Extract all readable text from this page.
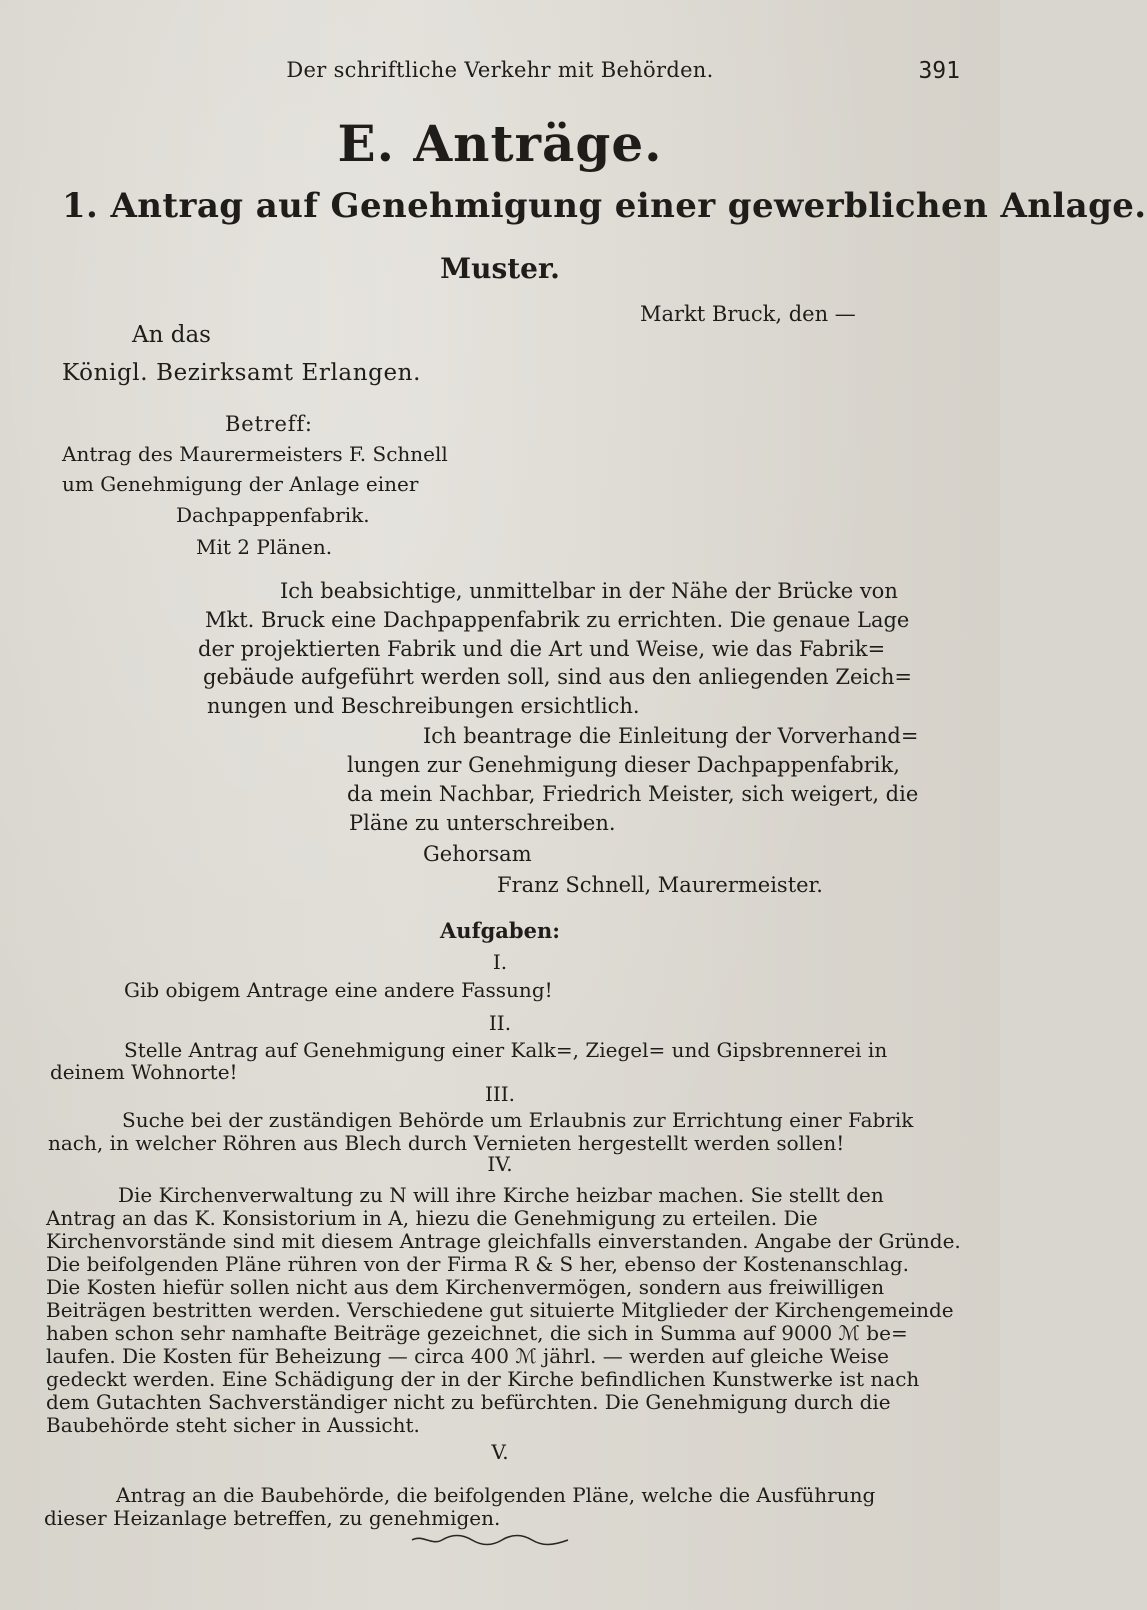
Der schriftliche Verkehr mit Behörden.	391
E. Anträge.
1. Antrag auf Genehmigung einer gewerblichen Anlage.
Muster.
Markt Bruck, den —
An das
Königl. Bezirksamt Erlangen.
Betreff:
Antrag des Maurermeisters F. Schnell
um Genehmigung der Anlage einer
Dachpappenfabrik.
Mit 2 Plänen.
Ich beabsichtige, unmittelbar in der Nähe der Brücke von
Mkt. Bruck eine Dachpappenfabrik zu errichten. Die genaue Lage
der projektierten Fabrik und die Art und Weise, wie das Fabrik=
gebäude aufgeführt werden soll, sind aus den anliegenden Zeich=
nungen und Beschreibungen ersichtlich.
Ich beantrage die Einleitung der Vorverhand=
lungen zur Genehmigung dieser Dachpappenfabrik,
da mein Nachbar, Friedrich Meister, sich weigert, die
Pläne zu unterschreiben.
Gehorsam
Franz Schnell, Maurermeister.
Aufgaben:
I.
Gib obigem Antrage eine andere Fassung!
II.
Stelle Antrag auf Genehmigung einer Kalk=, Ziegel= und Gipsbrennerei in
deinem Wohnorte!
III.
Suche bei der zuständigen Behörde um Erlaubnis zur Errichtung einer Fabrik
nach, in welcher Röhren aus Blech durch Vernieten hergestellt werden sollen!
IV.
Die Kirchenverwaltung zu N will ihre Kirche heizbar machen. Sie stellt den
Antrag an das K. Konsistorium in A, hiezu die Genehmigung zu erteilen. Die
Kirchenvorstände sind mit diesem Antrage gleichfalls einverstanden. Angabe der Gründe.
Die beifolgenden Pläne rühren von der Firma R & S her, ebenso der Kostenanschlag.
Die Kosten hiefür sollen nicht aus dem Kirchenvermögen, sondern aus freiwilligen
Beiträgen bestritten werden. Verschiedene gut situierte Mitglieder der Kirchengemeinde
haben schon sehr namhafte Beiträge gezeichnet, die sich in Summa auf 9000 ℳ be=
laufen. Die Kosten für Beheizung — circa 400 ℳ jährl. — werden auf gleiche Weise
gedeckt werden. Eine Schädigung der in der Kirche befindlichen Kunstwerke ist nach
dem Gutachten Sachverständiger nicht zu befürchten. Die Genehmigung durch die
Baubehörde steht sicher in Aussicht.
V.
Antrag an die Baubehörde, die beifolgenden Pläne, welche die Ausführung
dieser Heizanlage betreffen, zu genehmigen.
